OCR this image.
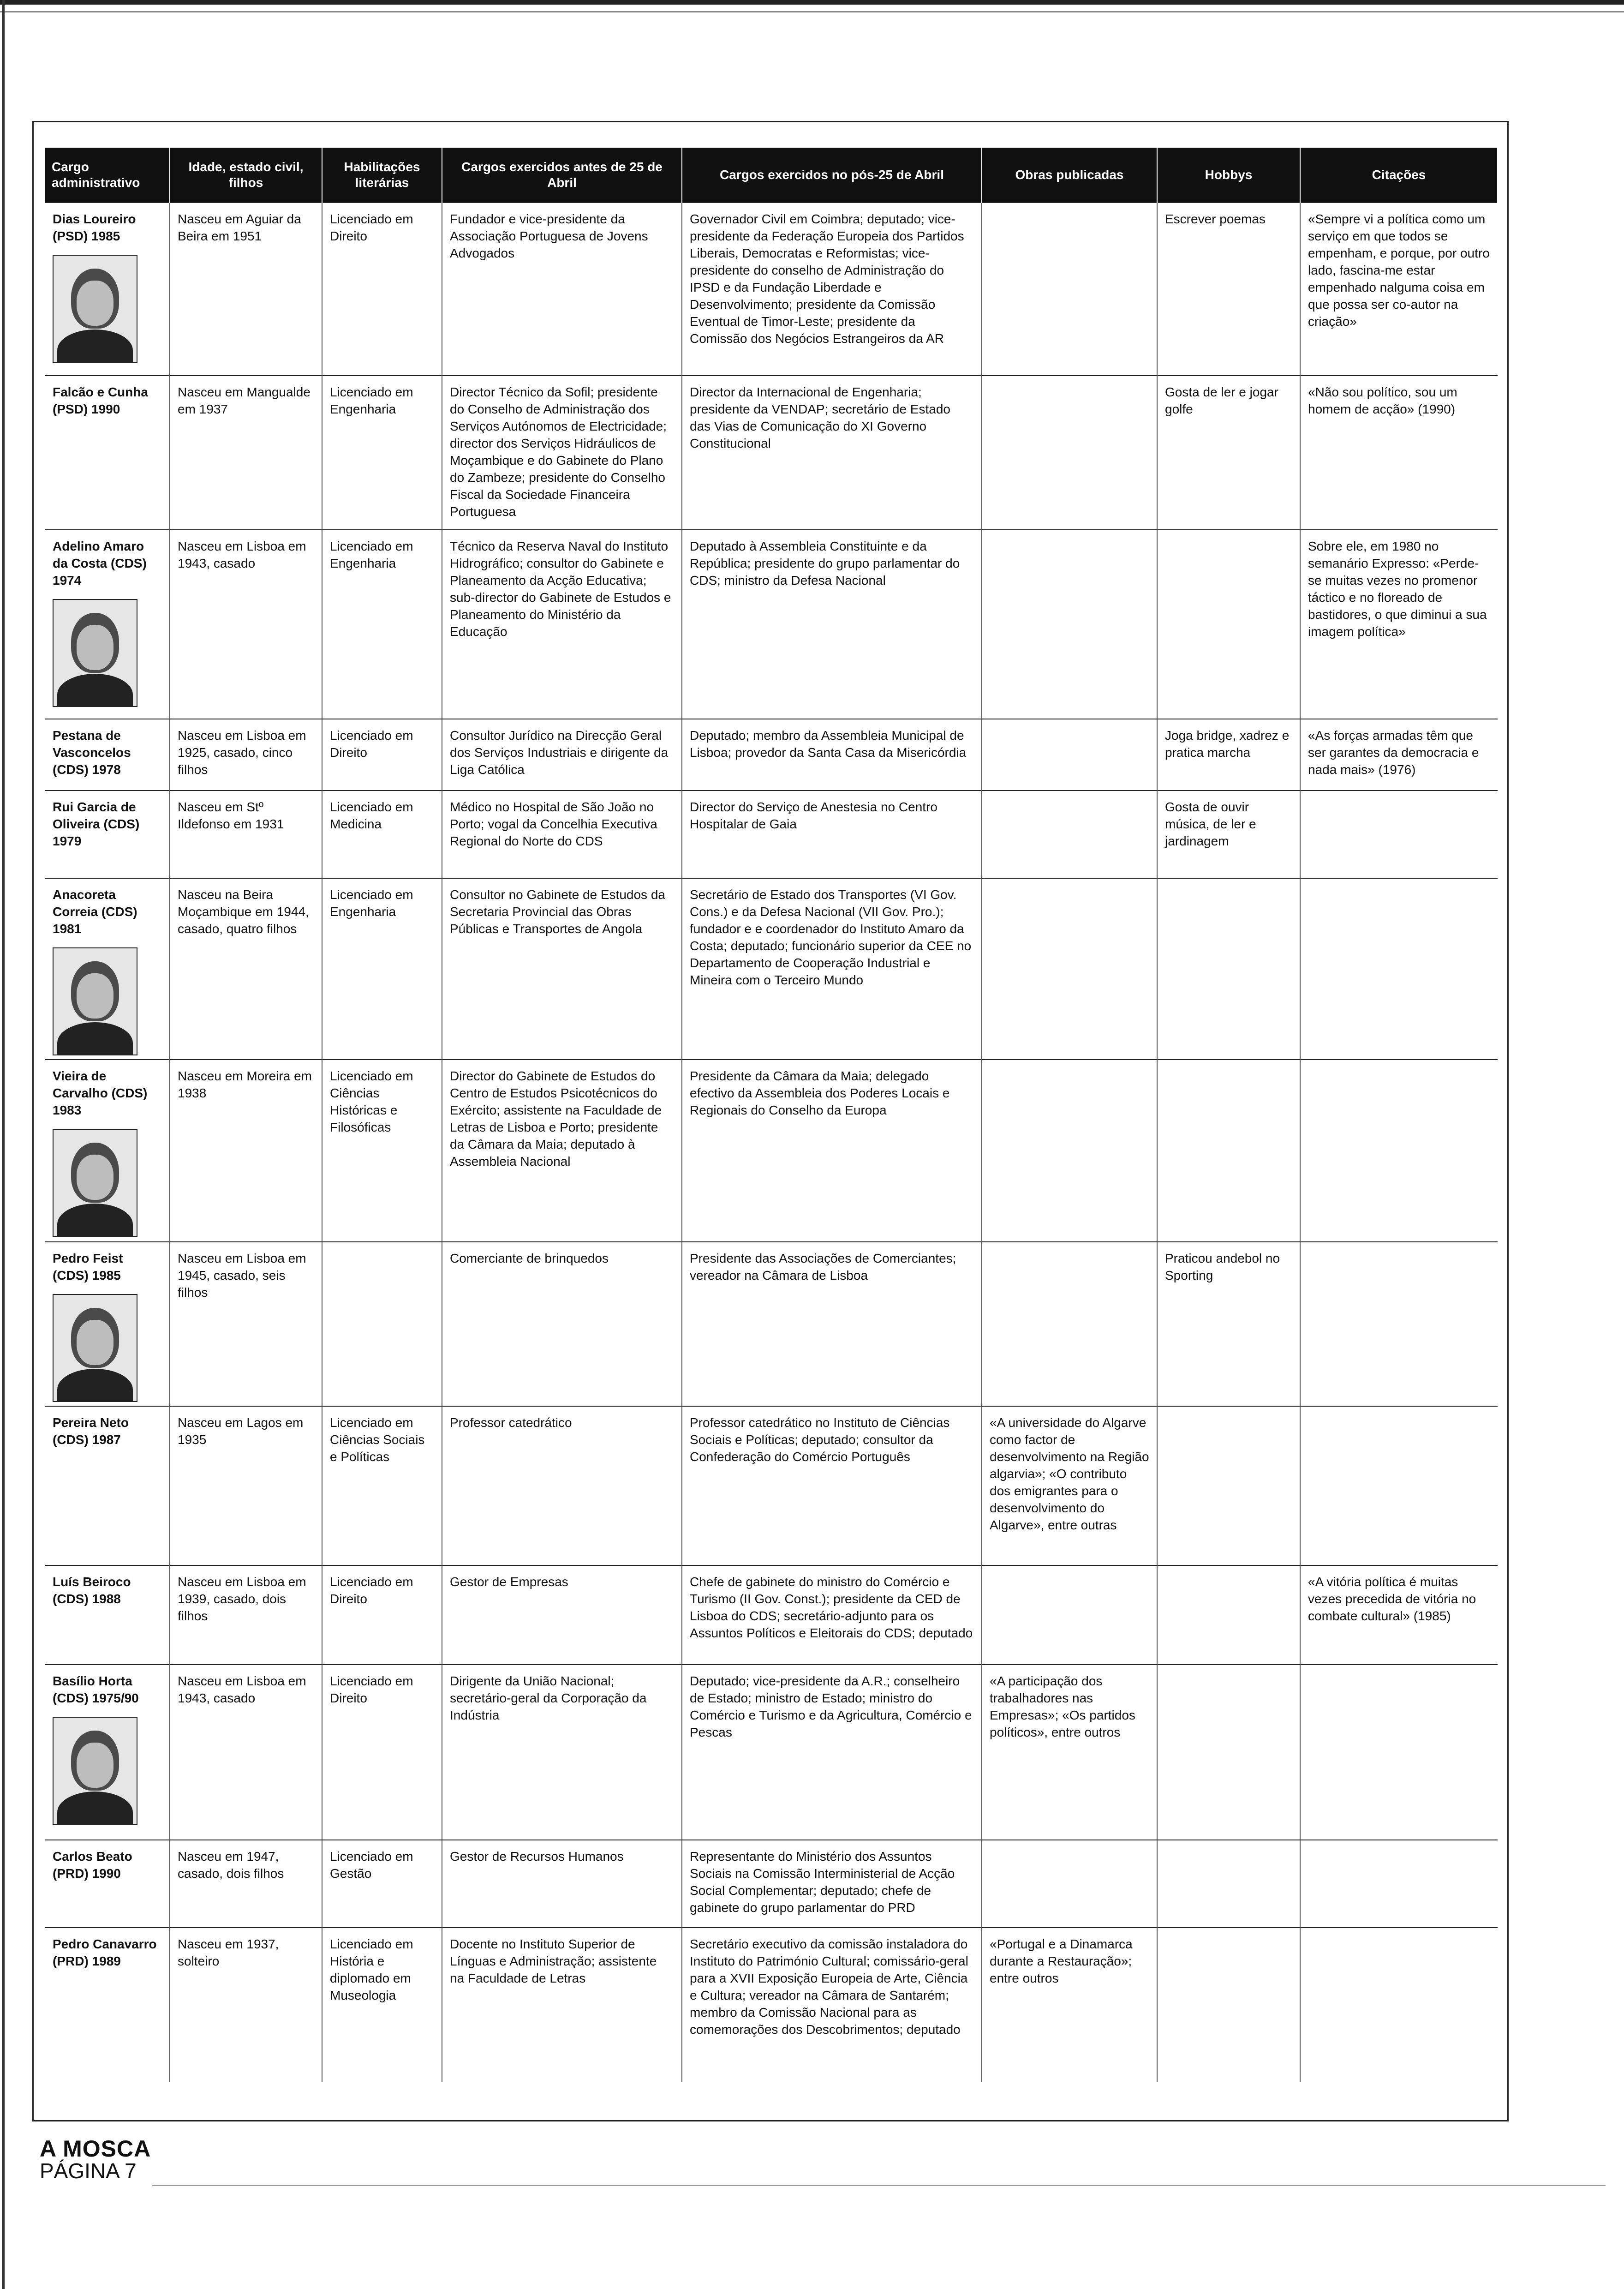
Cargo administrativo	Idade, estado civil, filhos	Habilitações literárias	Cargos exercidos antes de 25 de Abril	Cargos exercidos no pós-25 de Abril	Obras publicadas	Hobbys	Citações

Dias Loureiro (PSD) 1985	Nasceu em Aguiar da Beira em 1951	Licenciado em Direito	Fundador e vice-presidente da Associação Portuguesa de Jovens Advogados	Governador Civil em Coimbra; deputado; vice-presidente da Federação Europeia dos Partidos Liberais, Democratas e Reformistas; vice-presidente do conselho de Administração do IPSD e da Fundação Liberdade e Desenvolvimento; presidente da Comissão Eventual de Timor-Leste; presidente da Comissão dos Negócios Estrangeiros da AR		Escrever poemas	«Sempre vi a política como um serviço em que todos se empenham, e porque, por outro lado, fascina-me estar empenhado nalguma coisa em que possa ser co-autor na criação»

Falcão e Cunha (PSD) 1990	Nasceu em Mangualde em 1937	Licenciado em Engenharia	Director Técnico da Sofil; presidente do Conselho de Administração dos Serviços Autónomos de Electricidade; director dos Serviços Hidráulicos de Moçambique e do Gabinete do Plano do Zambeze; presidente do Conselho Fiscal da Sociedade Financeira Portuguesa	Director da Internacional de Engenharia; presidente da VENDAP; secretário de Estado das Vias de Comunicação do XI Governo Constitucional		Gosta de ler e jogar golfe	«Não sou político, sou um homem de acção» (1990)

Adelino Amaro da Costa (CDS) 1974	Nasceu em Lisboa em 1943, casado	Licenciado em Engenharia	Técnico da Reserva Naval do Instituto Hidrográfico; consultor do Gabinete e Planeamento da Acção Educativa; sub-director do Gabinete de Estudos e Planeamento do Ministério da Educação	Deputado à Assembleia Constituinte e da República; presidente do grupo parlamentar do CDS; ministro da Defesa Nacional			Sobre ele, em 1980 no semanário Expresso: «Perde-se muitas vezes no promenor táctico e no floreado de bastidores, o que diminui a sua imagem política»

Pestana de Vasconcelos (CDS) 1978	Nasceu em Lisboa em 1925, casado, cinco filhos	Licenciado em Direito	Consultor Jurídico na Direcção Geral dos Serviços Industriais e dirigente da Liga Católica	Deputado; membro da Assembleia Municipal de Lisboa; provedor da Santa Casa da Misericórdia		Joga bridge, xadrez e pratica marcha	«As forças armadas têm que ser garantes da democracia e nada mais» (1976)

Rui Garcia de Oliveira (CDS) 1979	Nasceu em Stº Ildefonso em 1931	Licenciado em Medicina	Médico no Hospital de São João no Porto; vogal da Concelhia Executiva Regional do Norte do CDS	Director do Serviço de Anestesia no Centro Hospitalar de Gaia		Gosta de ouvir música, de ler e jardinagem	

Anacoreta Correia (CDS) 1981	Nasceu na Beira Moçambique em 1944, casado, quatro filhos	Licenciado em Engenharia	Consultor no Gabinete de Estudos da Secretaria Provincial das Obras Públicas e Transportes de Angola	Secretário de Estado dos Transportes (VI Gov. Cons.) e da Defesa Nacional (VII Gov. Pro.); fundador e e coordenador do Instituto Amaro da Costa; deputado; funcionário superior da CEE no Departamento de Cooperação Industrial e Mineira com o Terceiro Mundo			

Vieira de Carvalho (CDS) 1983	Nasceu em Moreira em 1938	Licenciado em Ciências Históricas e Filosóficas	Director do Gabinete de Estudos do Centro de Estudos Psicotécnicos do Exército; assistente na Faculdade de Letras de Lisboa e Porto; presidente da Câmara da Maia; deputado à Assembleia Nacional	Presidente da Câmara da Maia; delegado efectivo da Assembleia dos Poderes Locais e Regionais do Conselho da Europa			

Pedro Feist (CDS) 1985	Nasceu em Lisboa em 1945, casado, seis filhos		Comerciante de brinquedos	Presidente das Associações de Comerciantes; vereador na Câmara de Lisboa		Praticou andebol no Sporting	

Pereira Neto (CDS) 1987	Nasceu em Lagos em 1935	Licenciado em Ciências Sociais e Políticas	Professor catedrático	Professor catedrático no Instituto de Ciências Sociais e Políticas; deputado; consultor da Confederação do Comércio Português	«A universidade do Algarve como factor de desenvolvimento na Região algarvia»; «O contributo dos emigrantes para o desenvolvimento do Algarve», entre outras		

Luís Beiroco (CDS) 1988	Nasceu em Lisboa em 1939, casado, dois filhos	Licenciado em Direito	Gestor de Empresas	Chefe de gabinete do ministro do Comércio e Turismo (II Gov. Const.); presidente da CED de Lisboa do CDS; secretário-adjunto para os Assuntos Políticos e Eleitorais do CDS; deputado			«A vitória política é muitas vezes precedida de vitória no combate cultural» (1985)

Basílio Horta (CDS) 1975/90	Nasceu em Lisboa em 1943, casado	Licenciado em Direito	Dirigente da União Nacional; secretário-geral da Corporação da Indústria	Deputado; vice-presidente da A.R.; conselheiro de Estado; ministro de Estado; ministro do Comércio e Turismo e da Agricultura, Comércio e Pescas	«A participação dos trabalhadores nas Empresas»; «Os partidos políticos», entre outros		

Carlos Beato (PRD) 1990	Nasceu em 1947, casado, dois filhos	Licenciado em Gestão	Gestor de Recursos Humanos	Representante do Ministério dos Assuntos Sociais na Comissão Interministerial de Acção Social Complementar; deputado; chefe de gabinete do grupo parlamentar do PRD			

Pedro Canavarro (PRD) 1989	Nasceu em 1937, solteiro	Licenciado em História e diplomado em Museologia	Docente no Instituto Superior de Línguas e Administração; assistente na Faculdade de Letras	Secretário executivo da comissão instaladora do Instituto do Património Cultural; comissário-geral para a XVII Exposição Europeia de Arte, Ciência e Cultura; vereador na Câmara de Santarém; membro da Comissão Nacional para as comemorações dos Descobrimentos; deputado	«Portugal e a Dinamarca durante a Restauração»; entre outros		
A MOSCA
PÁGINA 7
